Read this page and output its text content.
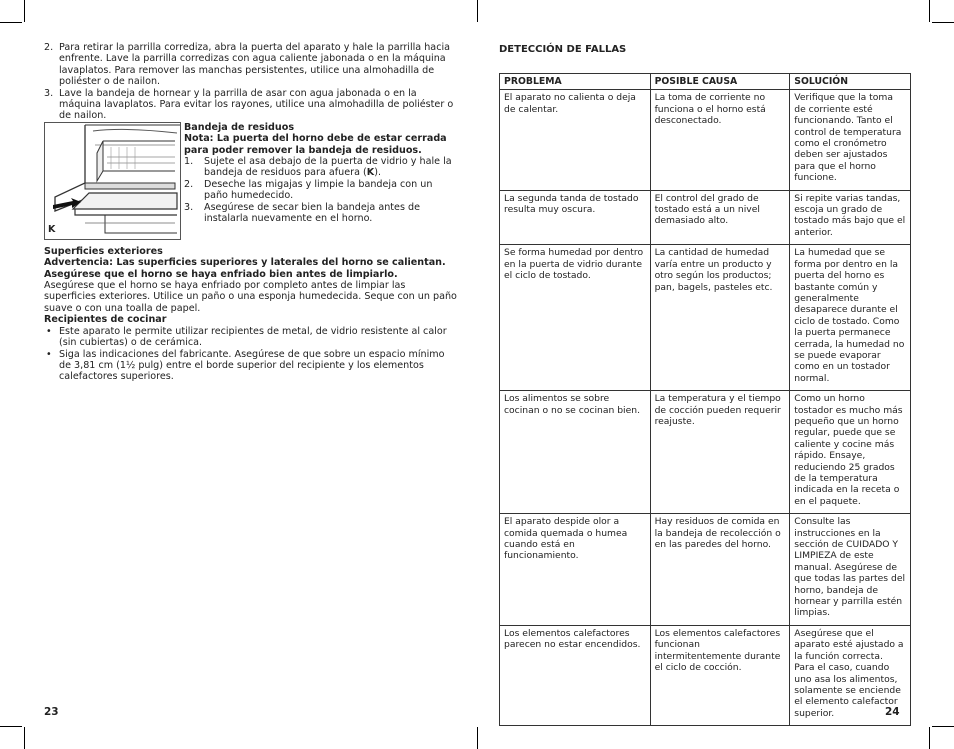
2. Para retirar la parrilla corrediza, abra la puerta del aparato y hale la parrilla hacia enfrente. Lave la parrilla corredizas con agua caliente jabonada o en la máquina lavaplatos. Para remover las manchas persistentes, utilice una almohadilla de poliéster o de nailon.
3. Lave la bandeja de hornear y la parrilla de asar con agua jabonada o en la máquina lavaplatos. Para evitar los rayones, utilice una almohadilla de poliéster o de nailon.
K
Bandeja de residuos
Nota: La puerta del horno debe de estar cerrada para poder remover la bandeja de residuos.
1. Sujete el asa debajo de la puerta de vidrio y hale la bandeja de residuos para afuera (K).
2. Deseche las migajas y limpie la bandeja con un paño humedecido.
3. Asegúrese de secar bien la bandeja antes de instalarla nuevamente en el horno.
Superficies exteriores
Advertencia: Las superficies superiores y laterales del horno se calientan. Asegúrese que el horno se haya enfriado bien antes de limpiarlo.
Asegúrese que el horno se haya enfriado por completo antes de limpiar las superficies exteriores. Utilice un paño o una esponja humedecida. Seque con un paño suave o con una toalla de papel.
Recipientes de cocinar
• Este aparato le permite utilizar recipientes de metal, de vidrio resistente al calor (sin cubiertas) o de cerámica.
• Siga las indicaciones del fabricante. Asegúrese de que sobre un espacio mínimo de 3,81 cm (1½ pulg) entre el borde superior del recipiente y los elementos calefactores superiores.
23
DETECCIÓN DE FALLAS
PROBLEMA	POSIBLE CAUSA	SOLUCIÓN
El aparato no calienta o deja de calentar.	La toma de corriente no funciona o el horno está desconectado.	Verifique que la toma de corriente esté funcionando. Tanto el control de temperatura como el cronómetro deben ser ajustados para que el horno funcione.
La segunda tanda de tostado resulta muy oscura.	El control del grado de tostado está a un nivel demasiado alto.	Si repite varias tandas, escoja un grado de tostado más bajo que el anterior.
Se forma humedad por dentro en la puerta de vidrio durante el ciclo de tostado.	La cantidad de humedad varía entre un producto y otro según los productos; pan, bagels, pasteles etc.	La humedad que se forma por dentro en la puerta del horno es bastante común y generalmente desaparece durante el ciclo de tostado. Como la puerta permanece cerrada, la humedad no se puede evaporar como en un tostador normal.
Los alimentos se sobre cocinan o no se cocinan bien.	La temperatura y el tiempo de cocción pueden requerir reajuste.	Como un horno tostador es mucho más pequeño que un horno regular, puede que se caliente y cocine más rápido. Ensaye, reduciendo 25 grados de la temperatura indicada en la receta o en el paquete.
El aparato despide olor a comida quemada o humea cuando está en funcionamiento.	Hay residuos de comida en la bandeja de recolección o en las paredes del horno.	Consulte las instrucciones en la sección de CUIDADO Y LIMPIEZA de este manual. Asegúrese de que todas las partes del horno, bandeja de hornear y parrilla estén limpias.
Los elementos calefactores parecen no estar encendidos.	Los elementos calefactores funcionan intermitentemente durante el ciclo de cocción.	Asegúrese que el aparato esté ajustado a la función correcta. Para el caso, cuando uno asa los alimentos, solamente se enciende el elemento calefactor superior.	24
